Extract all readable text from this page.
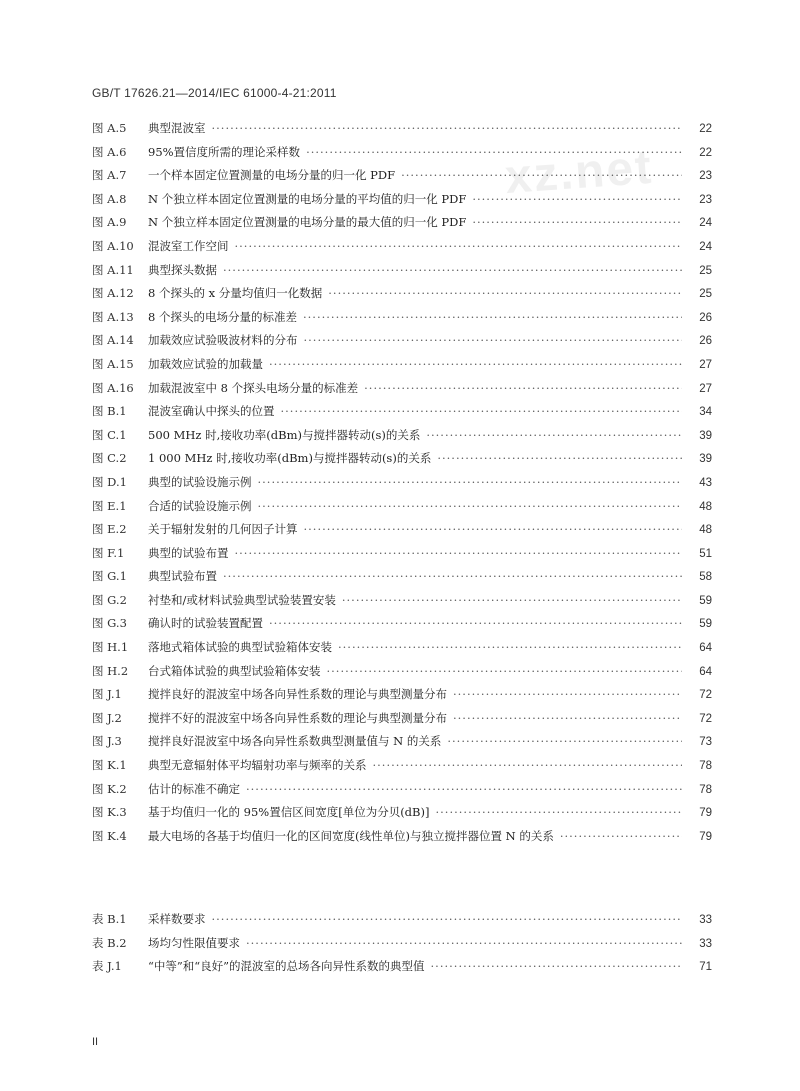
GB/T 17626.21—2014/IEC 61000-4-21:2011
xz.net
图 A.5	典型混波室 ·····	22
图 A.6	95%置信度所需的理论采样数 ·····	22
图 A.7	一个样本固定位置测量的电场分量的归一化 PDF ·····	23
图 A.8	N 个独立样本固定位置测量的电场分量的平均值的归一化 PDF ·····	23
图 A.9	N 个独立样本固定位置测量的电场分量的最大值的归一化 PDF ·····	24
图 A.10	混波室工作空间 ·····	24
图 A.11	典型探头数据 ·····	25
图 A.12	8 个探头的 x 分量均值归一化数据 ·····	25
图 A.13	8 个探头的电场分量的标准差 ·····	26
图 A.14	加载效应试验吸波材料的分布 ·····	26
图 A.15	加载效应试验的加载量 ·····	27
图 A.16	加载混波室中 8 个探头电场分量的标准差 ·····	27
图 B.1	混波室确认中探头的位置 ·····	34
图 C.1	500 MHz 时,接收功率(dBm)与搅拌器转动(s)的关系 ·····	39
图 C.2	1 000 MHz 时,接收功率(dBm)与搅拌器转动(s)的关系 ·····	39
图 D.1	典型的试验设施示例 ·····	43
图 E.1	合适的试验设施示例 ·····	48
图 E.2	关于辐射发射的几何因子计算 ·····	48
图 F.1	典型的试验布置 ·····	51
图 G.1	典型试验布置 ·····	58
图 G.2	衬垫和/或材料试验典型试验装置安装 ·····	59
图 G.3	确认时的试验装置配置 ·····	59
图 H.1	落地式箱体试验的典型试验箱体安装 ·····	64
图 H.2	台式箱体试验的典型试验箱体安装 ·····	64
图 J.1	搅拌良好的混波室中场各向异性系数的理论与典型测量分布 ·····	72
图 J.2	搅拌不好的混波室中场各向异性系数的理论与典型测量分布 ·····	72
图 J.3	搅拌良好混波室中场各向异性系数典型测量值与 N 的关系 ·····	73
图 K.1	典型无意辐射体平均辐射功率与频率的关系 ·····	78
图 K.2	估计的标准不确定 ·····	78
图 K.3	基于均值归一化的 95%置信区间宽度[单位为分贝(dB)] ·····	79
图 K.4	最大电场的各基于均值归一化的区间宽度(线性单位)与独立搅拌器位置 N 的关系 ·····	79
表 B.1	采样数要求 ·····	33
表 B.2	场均匀性限值要求 ·····	33
表 J.1	“中等”和“良好”的混波室的总场各向异性系数的典型值 ·····	71
II
